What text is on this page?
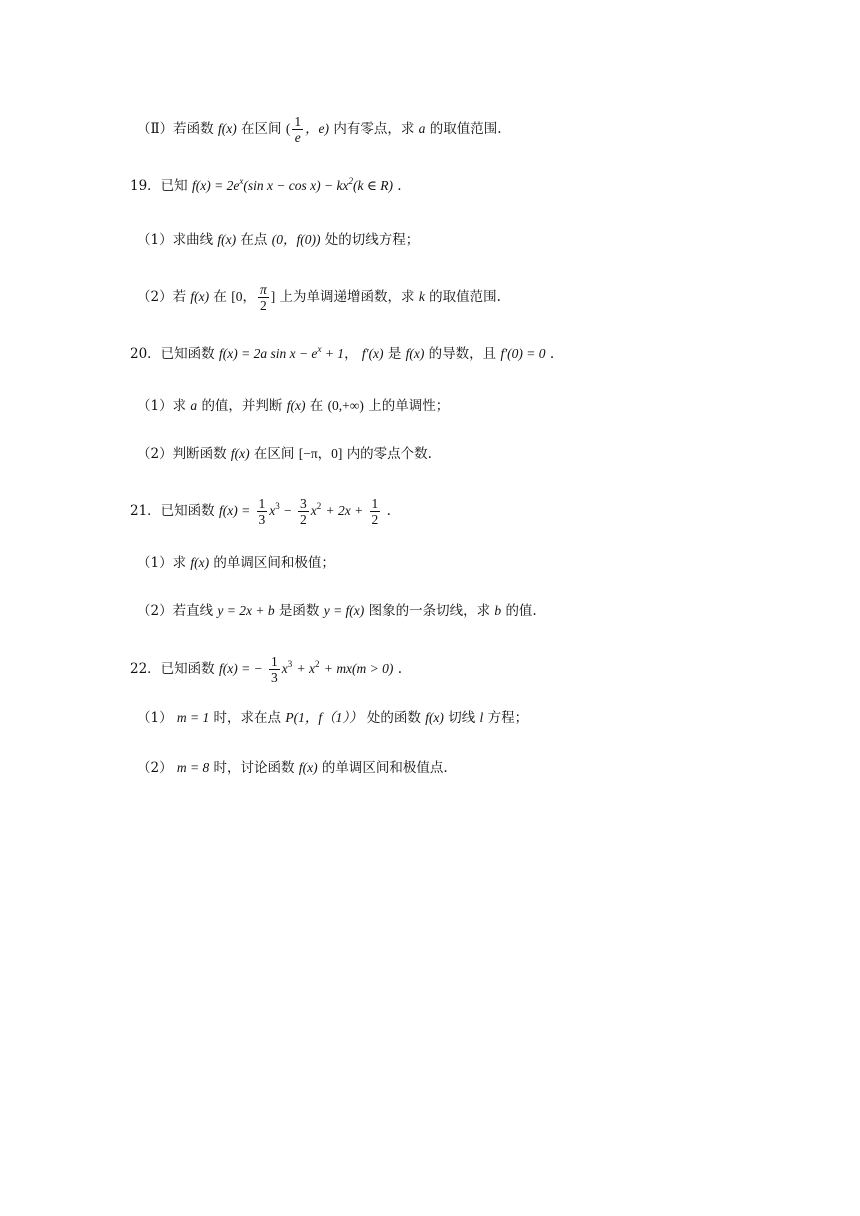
（Ⅱ）若函数 f(x) 在区间 ( $\frac{1}{e}$ ，e) 内有零点，求 a 的取值范围.
19．已知 $f(x) = 2e^x(\sin$ $x - \cos x) - kx^2(k$ ∈ R) .
（1）求曲线 f(x) 在点 (0，f(0)) 处的切线方程；
（2）若 f(x) 在 [0， $\frac{\pi}{2}$ ] 上为单调递增函数，求 k 的取值范围.
20．已知函数 f(x) = 2a $\sin x - e^x + 1$， f′(x) 是 f(x) 的导数，且 f′(0) = 0 .
（1）求 a 的值，并判断 f(x) 在 (0,+∞) 上的单调性；
（2）判断函数 f(x) 在区间 [−π，0] 内的零点个数.
21．已知函数 $f(x) = \frac{1}{3} x^3 - \frac{3}{2} x^2 + 2x + \frac{1}{2}$ .
（1）求 f(x) 的单调区间和极值；
（2）若直线 y = 2x + b 是函数 y = f(x) 图象的一条切线，求 b 的值.
22．已知函数 f(x) = − $\frac{1}{3} x^3 + x^2 + mx(m > 0)$ .
（1） m = 1 时，求在点 P(1，f（1）） 处的函数 f(x) 切线 l 方程；
（2） m = 8 时，讨论函数 f(x) 的单调区间和极值点.
